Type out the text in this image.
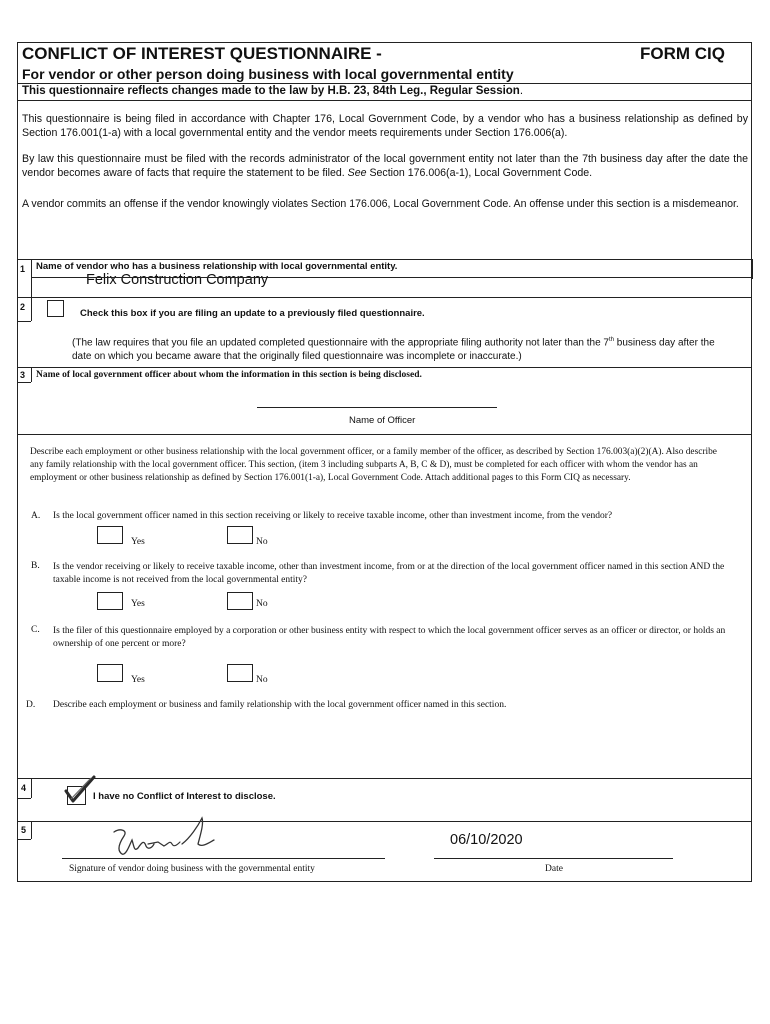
CONFLICT OF INTEREST QUESTIONNAIRE -	FORM CIQ
For vendor or other person doing business with local governmental entity
This questionnaire reflects changes made to the law by H.B. 23, 84th Leg., Regular Session.
This questionnaire is being filed in accordance with Chapter 176, Local Government Code, by a vendor who has a business relationship as defined by Section 176.001(1-a) with a local governmental entity and the vendor meets requirements under Section 176.006(a).
By law this questionnaire must be filed with the records administrator of the local government entity not later than the 7th business day after the date the vendor becomes aware of facts that require the statement to be filed. See Section 176.006(a-1), Local Government Code.
A vendor commits an offense if the vendor knowingly violates Section 176.006, Local Government Code. An offense under this section is a misdemeanor.
1 Name of vendor who has a business relationship with local governmental entity.
Felix Construction Company
2
Check this box if you are filing an update to a previously filed questionnaire.
(The law requires that you file an updated completed questionnaire with the appropriate filing authority not later than the 7th business day after the date on which you became aware that the originally filed questionnaire was incomplete or inaccurate.)
3 Name of local government officer about whom the information in this section is being disclosed.
Name of Officer
Describe each employment or other business relationship with the local government officer, or a family member of the officer, as described by Section 176.003(a)(2)(A). Also describe any family relationship with the local government officer. This section, (item 3 including subparts A, B, C & D), must be completed for each officer with whom the vendor has an employment or other business relationship as defined by Section 176.001(1-a), Local Government Code. Attach additional pages to this Form CIQ as necessary.
A. Is the local government officer named in this section receiving or likely to receive taxable income, other than investment income, from the vendor?
Yes	No
B. Is the vendor receiving or likely to receive taxable income, other than investment income, from or at the direction of the local government officer named in this section AND the taxable income is not received from the local governmental entity?
Yes	No
C. Is the filer of this questionnaire employed by a corporation or other business entity with respect to which the local government officer serves as an officer or director, or holds an ownership of one percent or more?
Yes	No
D. Describe each employment or business and family relationship with the local government officer named in this section.
4
I have no Conflict of Interest to disclose.
5
Signature of vendor doing business with the governmental entity
06/10/2020
Date
